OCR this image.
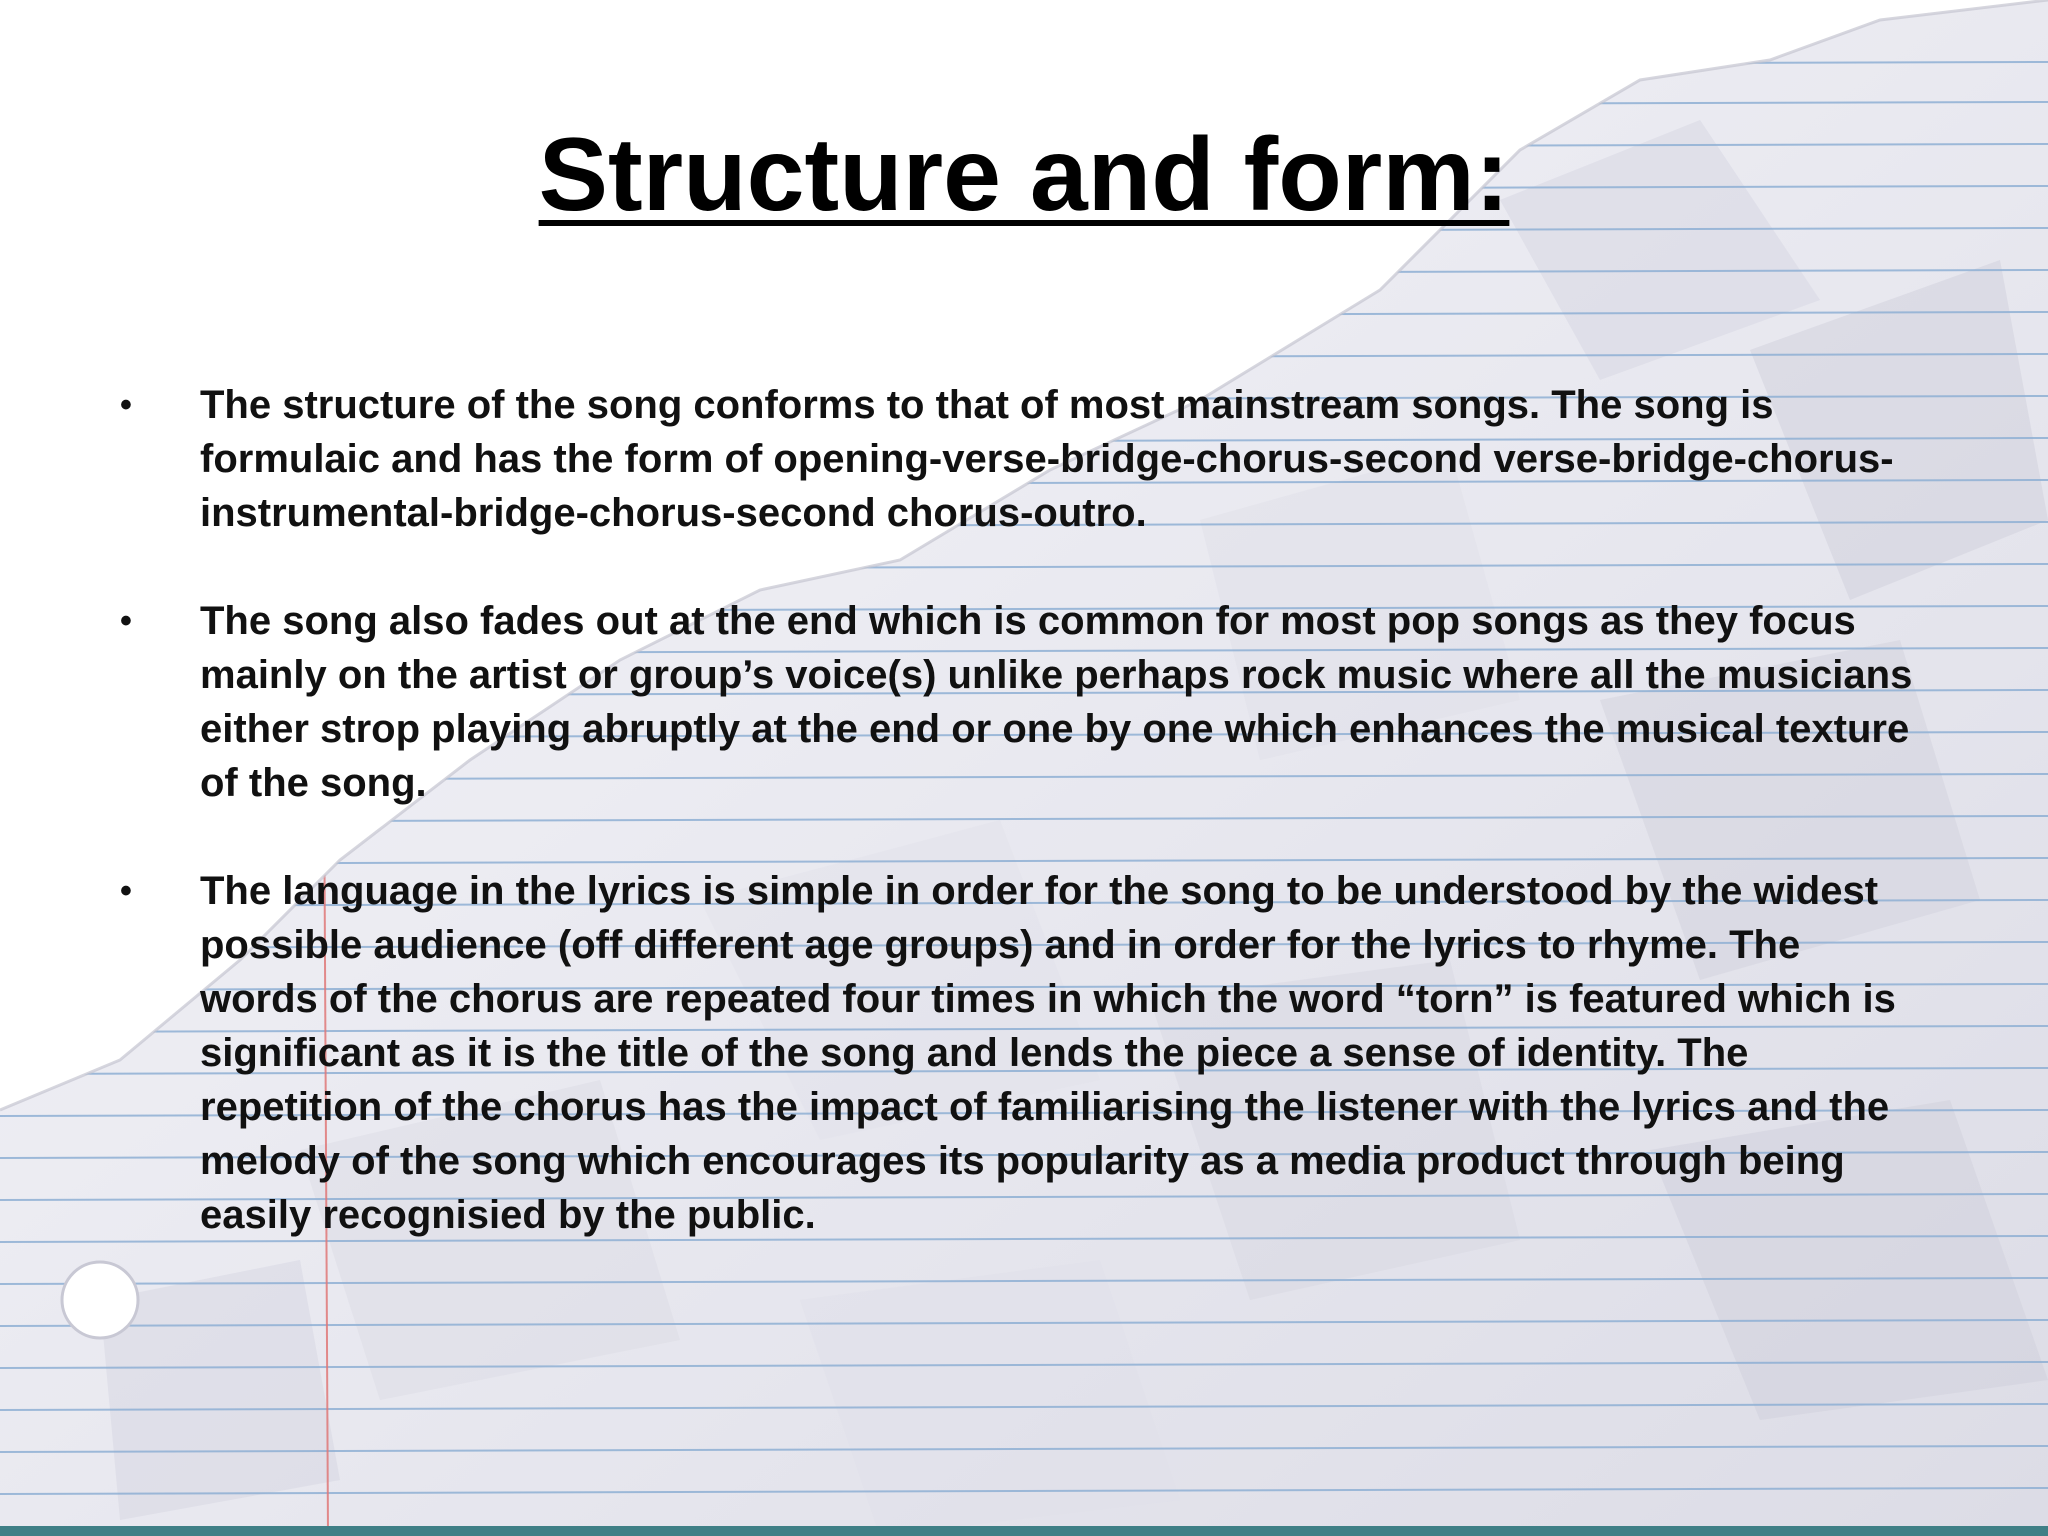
Structure and form:
• The structure of the song conforms to that of most mainstream songs. The song is formulaic and has the form of opening-verse-bridge-chorus-second verse-bridge-chorus-instrumental-bridge-chorus-second chorus-outro.
• The song also fades out at the end which is common for most pop songs as they focus mainly on the artist or group’s voice(s) unlike perhaps rock music where all the musicians either strop playing abruptly at the end or one by one which enhances the musical texture of the song.
• The language in the lyrics is simple in order for the song to be understood by the widest possible audience (off different age groups) and in order for the lyrics to rhyme. The words of the chorus are repeated four times in which the word “torn” is featured which is significant as it is the title of the song and lends the piece a sense of identity. The repetition of the chorus has the impact of familiarising the listener with the lyrics and the melody of the song which encourages its popularity as a media product through being easily recognisied by the public.
